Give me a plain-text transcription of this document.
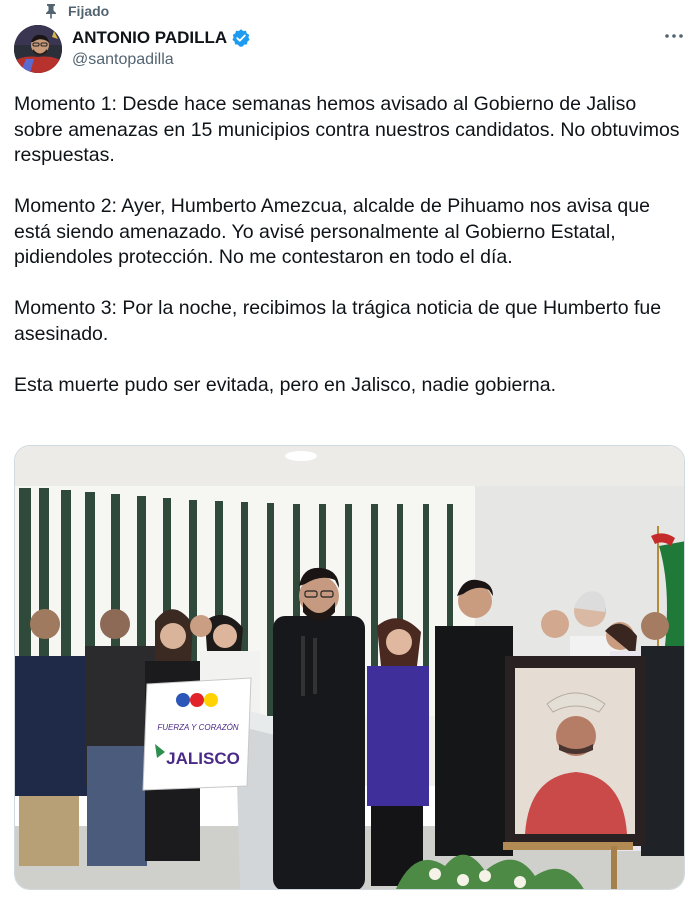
Fijado
ANTONIO PADILLA
@santopadilla

Momento 1: Desde hace semanas hemos avisado al Gobierno de Jaliso sobre amenazas en 15 municipios contra nuestros candidatos. No obtuvimos respuestas.

Momento 2: Ayer, Humberto Amezcua, alcalde de Pihuamo nos avisa que está siendo amenazado. Yo avisé personalmente al Gobierno Estatal, pidiendoles protección. No me contestaron en todo el día.

Momento 3: Por la noche, recibimos la trágica noticia de que Humberto fue asesinado.

Esta muerte pudo ser evitada, pero en Jalisco, nadie gobierna.

FUERZA Y CORAZÓN
JALISCO
